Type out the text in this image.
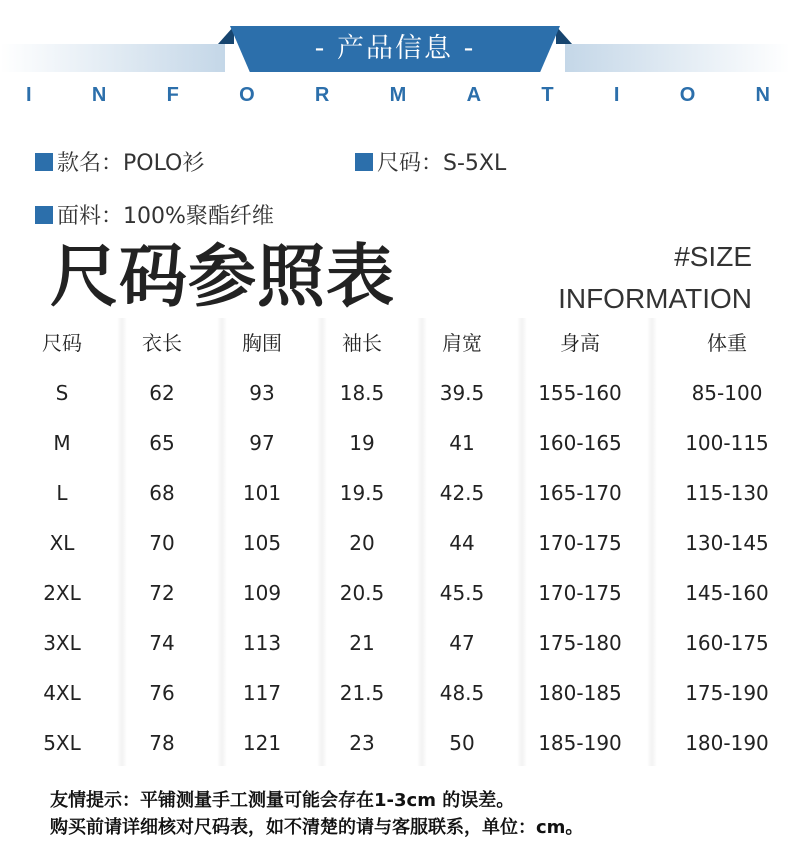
- 产品信息 -
I	N	F	O	R	M	A	T	I	O	N
款名：POLO衫	尺码：S-5XL
面料：100%聚酯纤维
尺码参照表	#SIZE
INFORMATION
尺码	衣长	胸围	袖长	肩宽	身高	体重
S	62	93	18.5	39.5	155-160	85-100
M	65	97	19	41	160-165	100-115
L	68	101	19.5	42.5	165-170	115-130
XL	70	105	20	44	170-175	130-145
2XL	72	109	20.5	45.5	170-175	145-160
3XL	74	113	21	47	175-180	160-175
4XL	76	117	21.5	48.5	180-185	175-190
5XL	78	121	23	50	185-190	180-190
友情提示：平铺测量手工测量可能会存在1-3cm 的误差。
购买前请详细核对尺码表，如不清楚的请与客服联系，单位：cm。
